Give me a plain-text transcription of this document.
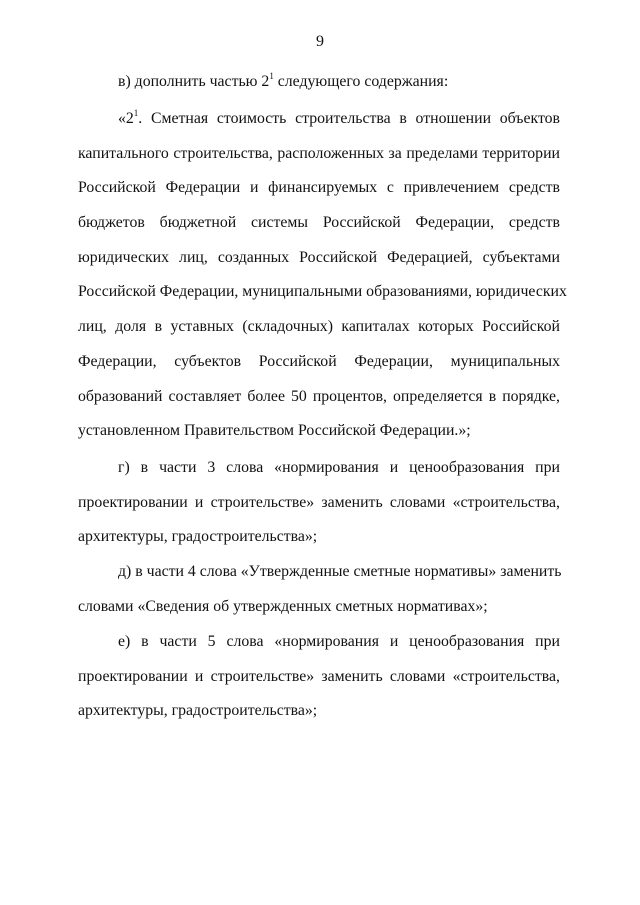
9
в) дополнить частью $2^1$ следующего содержания:
«$2^1$. Сметная стоимость строительства в отношении объектов
капитального строительства, расположенных за пределами территории
Российской Федерации и финансируемых с привлечением средств
бюджетов бюджетной системы Российской Федерации, средств
юридических лиц, созданных Российской Федерацией, субъектами
Российской Федерации, муниципальными образованиями, юридических
лиц, доля в уставных (складочных) капиталах которых Российской
Федерации, субъектов Российской Федерации, муниципальных
образований составляет более 50 процентов, определяется в порядке,
установленном Правительством Российской Федерации.»;
г) в части 3 слова «нормирования и ценообразования при
проектировании и строительстве» заменить словами «строительства,
архитектуры, градостроительства»;
д) в части 4 слова «Утвержденные сметные нормативы» заменить
словами «Сведения об утвержденных сметных нормативах»;
е) в части 5 слова «нормирования и ценообразования при
проектировании и строительстве» заменить словами «строительства,
архитектуры, градостроительства»;
